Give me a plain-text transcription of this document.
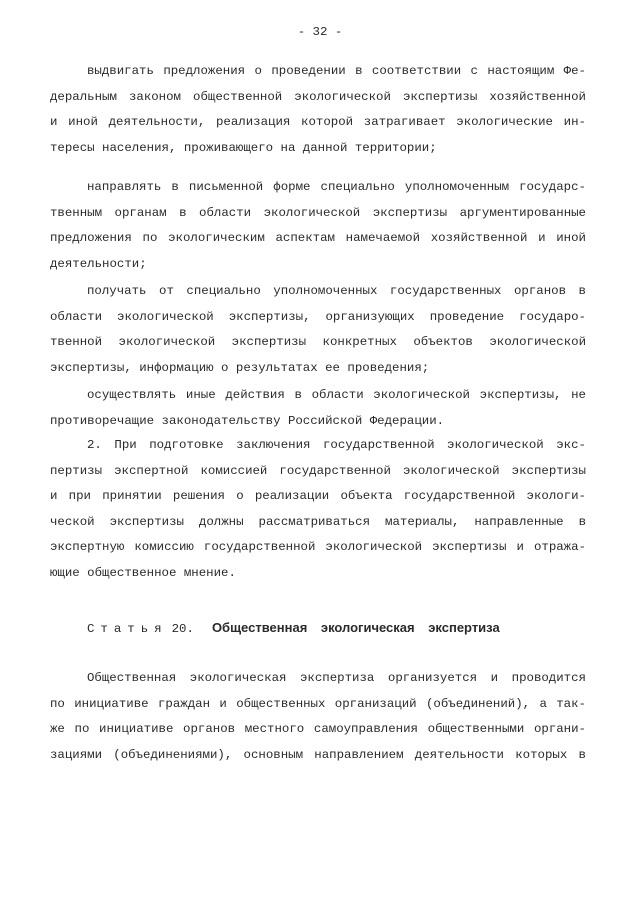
- 32 -
выдвигать предложения о проведении в соответствии с настоящим Фе-
деральным законом общественной экологической экспертизы хозяйственной
и иной деятельности, реализация которой затрагивает экологические ин-
тересы населения, проживающего на данной территории;
направлять в письменной форме специально уполномоченным государс-
твенным органам в области экологической экспертизы аргументированные
предложения по экологическим аспектам намечаемой хозяйственной и иной
деятельности;
получать от специально уполномоченных государственных органов в
области экологической экспертизы, организующих проведение государо-
твенной экологической экспертизы конкретных объектов экологической
экспертизы, информацию о результатах ее проведения;
осуществлять иные действия в области экологической экспертизы, не
противоречащие законодательству Российской Федерации.
2. При подготовке заключения государственной экологической экс-
пертизы экспертной комиссией государственной экологической экспертизы
и при принятии решения о реализации объекта государственной экологи-
ческой экспертизы должны рассматриваться материалы, направленные в
экспертную комиссию государственной экологической экспертизы и отража-
ющие общественное мнение.
Статья 20. Общественная экологическая экспертиза
Общественная экологическая экспертиза организуется и проводится
по инициативе граждан и общественных организаций (объединений), а так-
же по инициативе органов местного самоуправления общественными органи-
зациями (объединениями), основным направлением деятельности которых в
